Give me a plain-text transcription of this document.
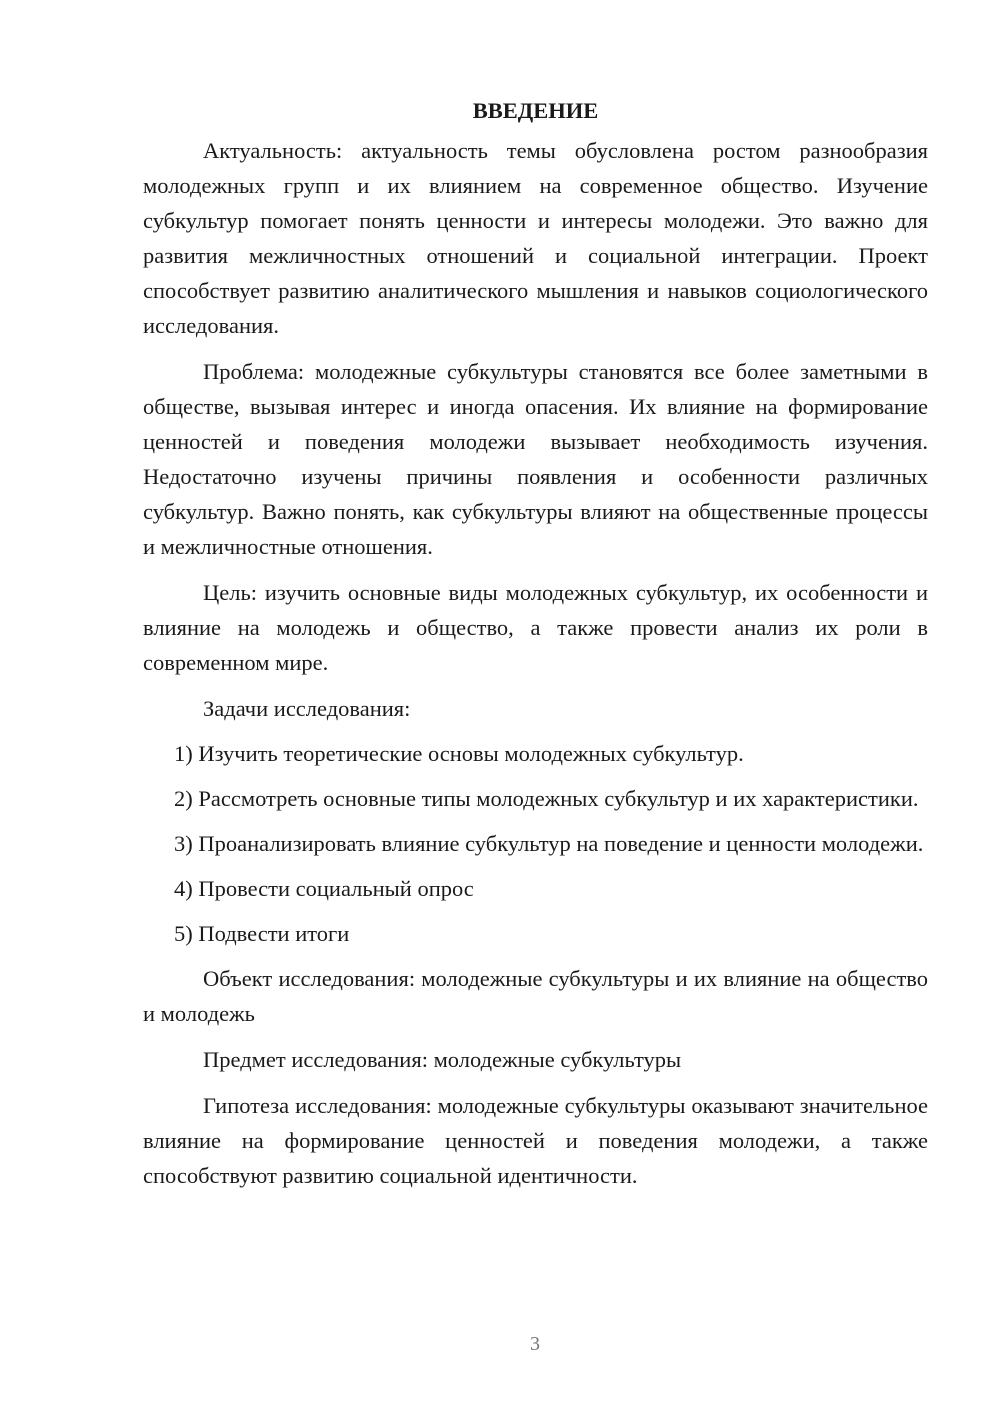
ВВЕДЕНИЕ

Актуальность: актуальность темы обусловлена ростом разнообразия молодежных групп и их влиянием на современное общество. Изучение субкультур помогает понять ценности и интересы молодежи. Это важно для развития межличностных отношений и социальной интеграции. Проект способствует развитию аналитического мышления и навыков социологического исследования.

Проблема: молодежные субкультуры становятся все более заметными в обществе, вызывая интерес и иногда опасения. Их влияние на формирование ценностей и поведения молодежи вызывает необходимость изучения. Недостаточно изучены причины появления и особенности различных субкультур. Важно понять, как субкультуры влияют на общественные процессы и межличностные отношения.

Цель: изучить основные виды молодежных субкультур, их особенности и влияние на молодежь и общество, а также провести анализ их роли в современном мире.

Задачи исследования:

1) Изучить теоретические основы молодежных субкультур.

2) Рассмотреть основные типы молодежных субкультур и их характеристики.

3) Проанализировать влияние субкультур на поведение и ценности молодежи.

4) Провести социальный опрос

5) Подвести итоги

Объект исследования: молодежные субкультуры и их влияние на общество и молодежь

Предмет исследования: молодежные субкультуры

Гипотеза исследования: молодежные субкультуры оказывают значительное влияние на формирование ценностей и поведения молодежи, а также способствуют развитию социальной идентичности.

3
